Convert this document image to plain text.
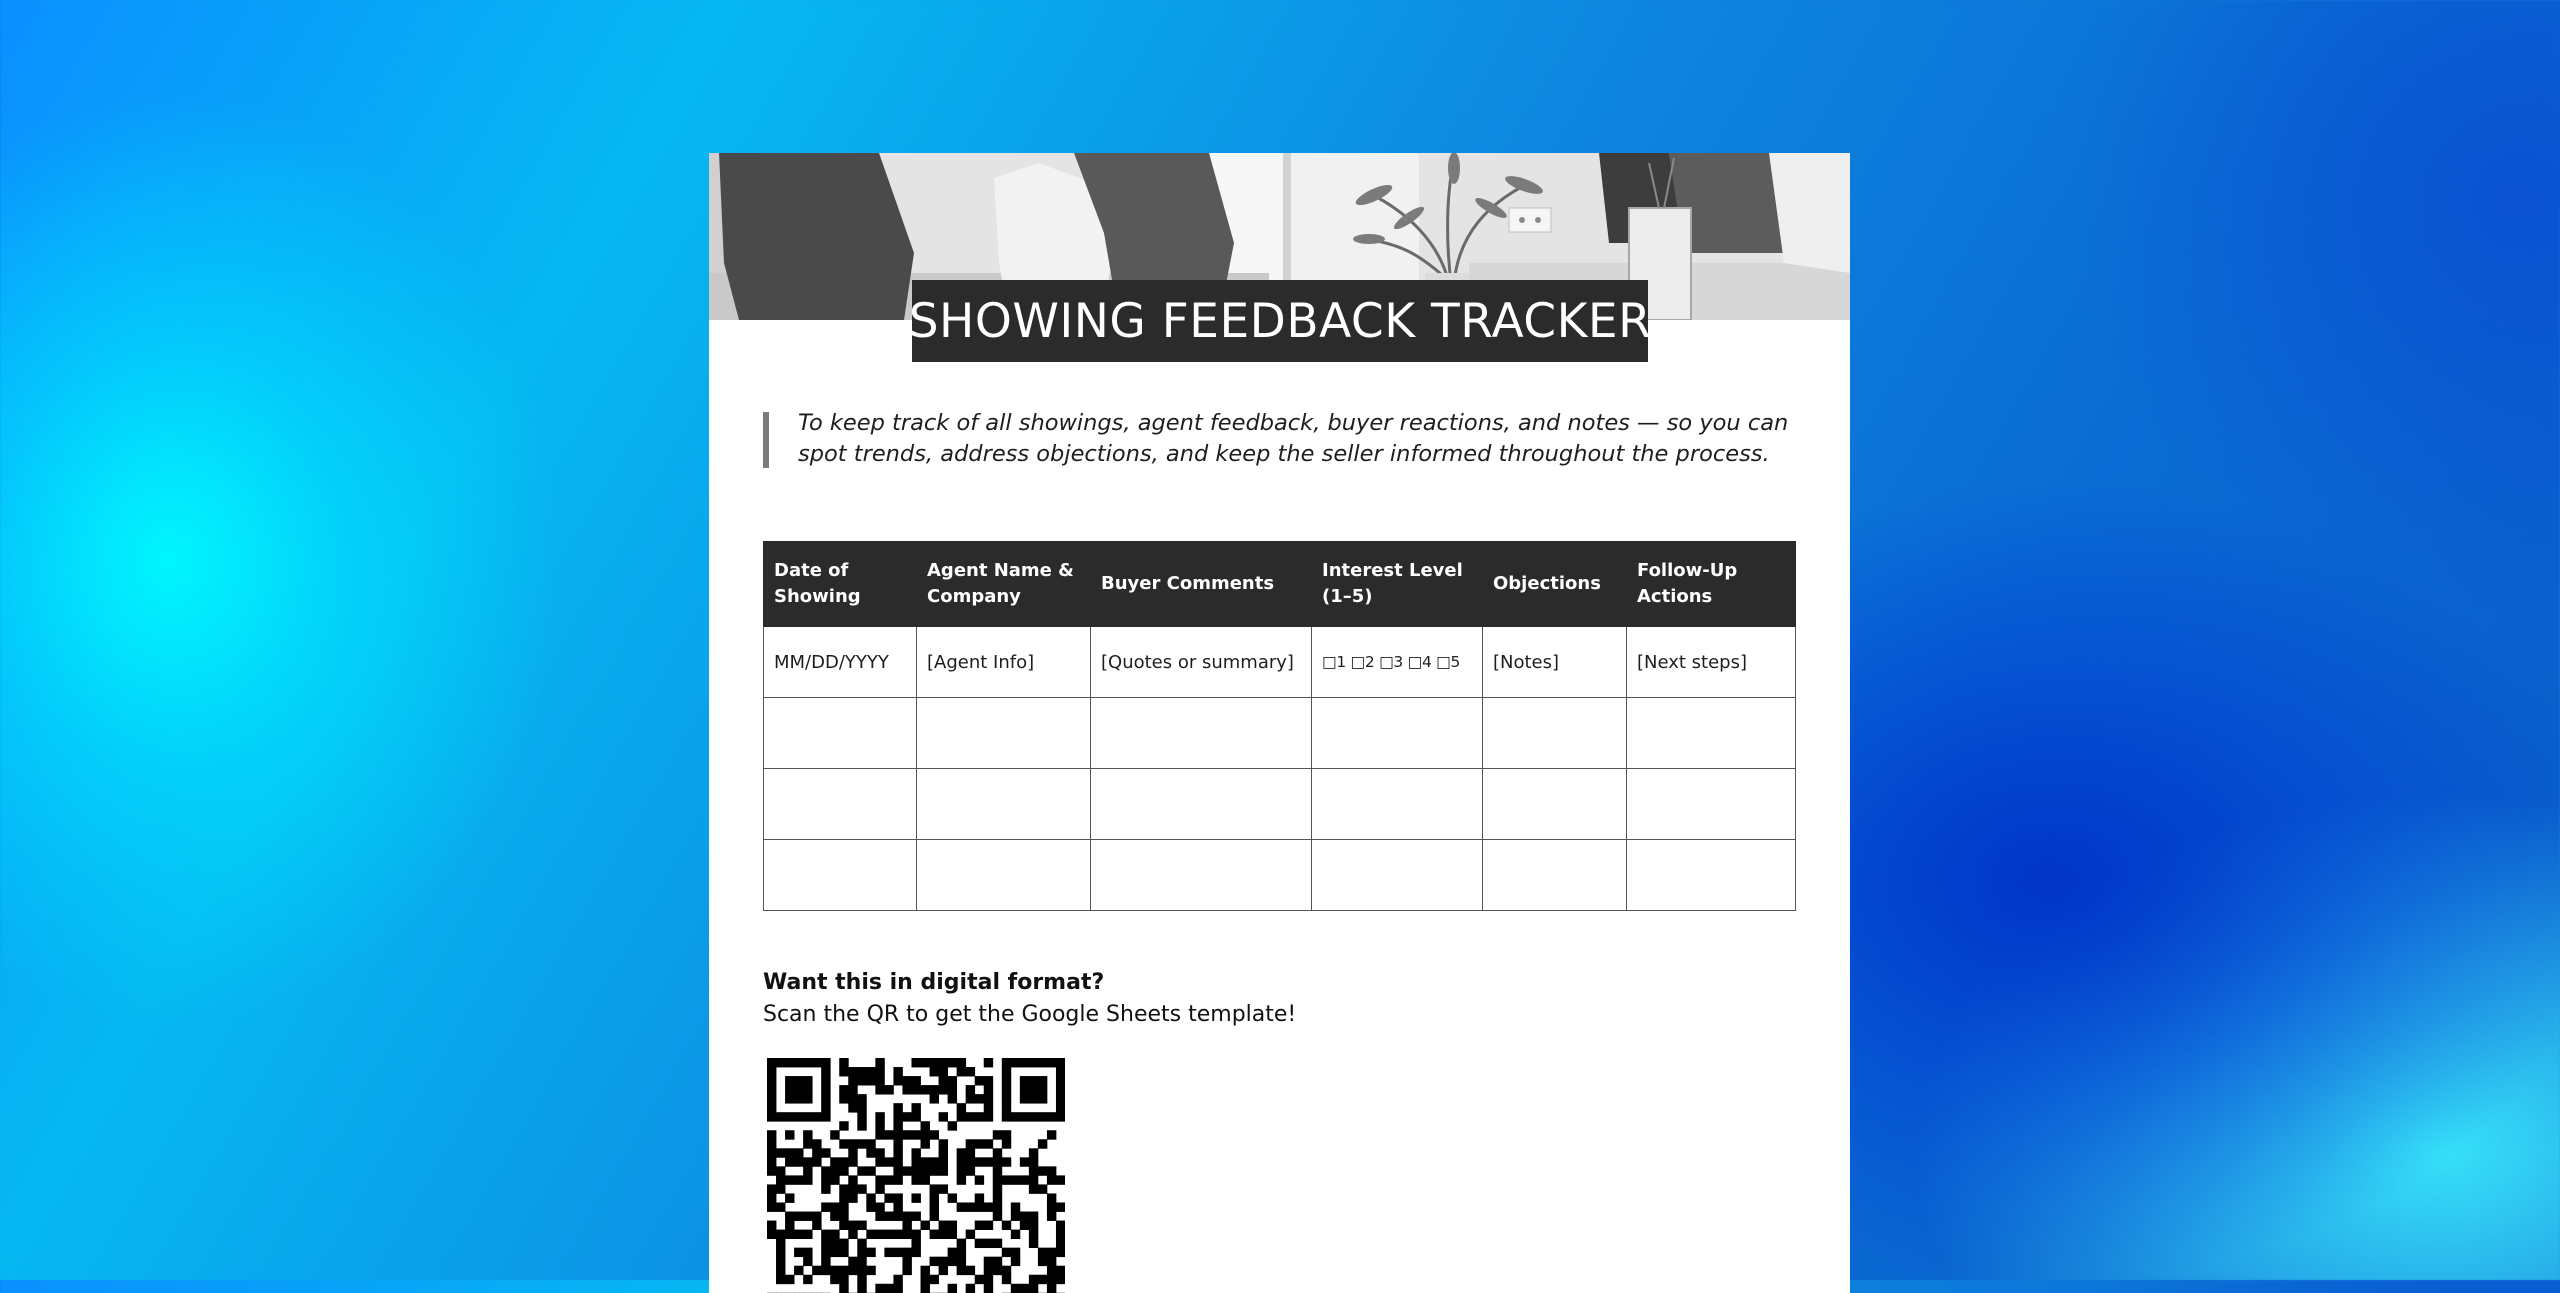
SHOWING FEEDBACK TRACKER
To keep track of all showings, agent feedback, buyer reactions, and notes — so you can spot trends, address objections, and keep the seller informed throughout the process.
Date of Showing	Agent Name & Company	Buyer Comments	Interest Level (1–5)	Objections	Follow-Up Actions
MM/DD/YYYY	[Agent Info]	[Quotes or summary]	□1 □2 □3 □4 □5	[Notes]	[Next steps]

Want this in digital format?
Scan the QR to get the Google Sheets template!
